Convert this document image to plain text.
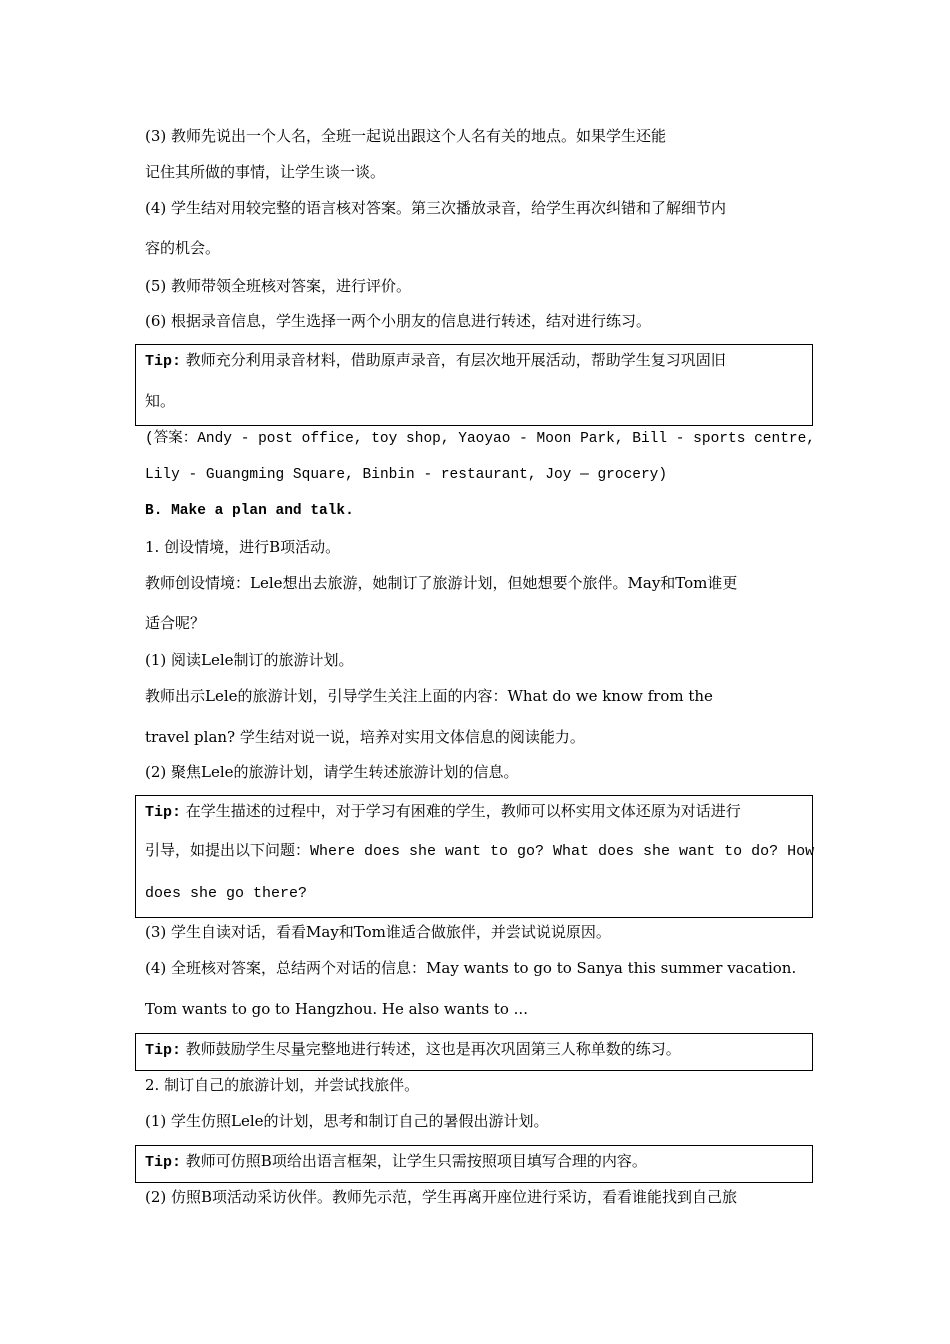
(3) 教师先说出一个人名，全班一起说出跟这个人名有关的地点。如果学生还能
记住其所做的事情，让学生谈一谈。
(4) 学生结对用较完整的语言核对答案。第三次播放录音，给学生再次纠错和了解细节内
容的机会。
(5) 教师带领全班核对答案，进行评价。
(6) 根据录音信息，学生选择一两个小朋友的信息进行转述，结对进行练习。
Tip: 教师充分利用录音材料，借助原声录音，有层次地开展活动，帮助学生复习巩固旧
知。
(答案：Andy - post office, toy shop, Yaoyao - Moon Park, Bill - sports centre,
Lily - Guangming Square, Binbin - restaurant, Joy — grocery)
B. Make a plan and talk.
1. 创设情境，进行B项活动。
教师创设情境：Lele想出去旅游，她制订了旅游计划，但她想要个旅伴。May和Tom谁更
适合呢？
(1) 阅读Lele制订的旅游计划。
教师出示Lele的旅游计划，引导学生关注上面的内容：What do we know from the
travel plan? 学生结对说一说，培养对实用文体信息的阅读能力。
(2) 聚焦Lele的旅游计划，请学生转述旅游计划的信息。
Tip: 在学生描述的过程中，对于学习有困难的学生，教师可以杯实用文体还原为对话进行
引导，如提出以下问题：Where does she want to go? What does she want to do? How
does she go there?
(3) 学生自读对话，看看May和Tom谁适合做旅伴，并尝试说说原因。
(4) 全班核对答案，总结两个对话的信息：May wants to go to Sanya this summer vacation.
Tom wants to go to Hangzhou. He also wants to ...
Tip: 教师鼓励学生尽量完整地进行转述，这也是再次巩固第三人称单数的练习。
2. 制订自己的旅游计划，并尝试找旅伴。
(1) 学生仿照Lele的计划，思考和制订自己的暑假出游计划。
Tip: 教师可仿照B项给出语言框架，让学生只需按照项目填写合理的内容。
(2) 仿照B项活动采访伙伴。教师先示范，学生再离开座位进行采访，看看谁能找到自己旅
